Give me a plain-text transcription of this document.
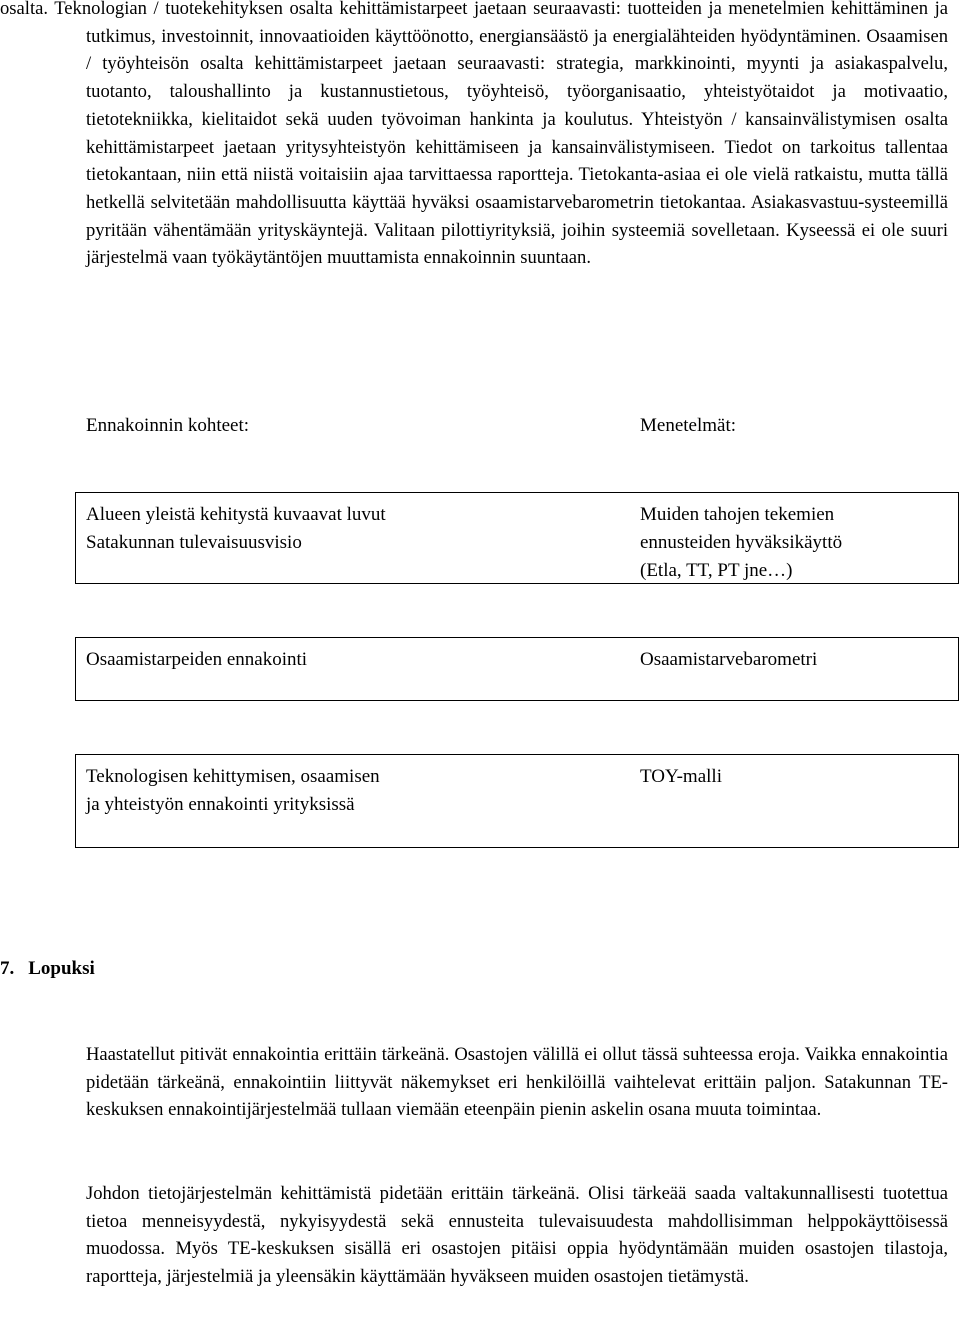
osalta. Teknologian / tuotekehityksen osalta kehittämistarpeet jaetaan seuraavasti: tuotteiden ja menetelmien kehittäminen ja tutkimus, investoinnit, innovaatioiden käyttöönotto, energiansäästö ja energialähteiden hyödyntäminen. Osaamisen / työyhteisön osalta kehittämistarpeet jaetaan seuraavasti: strategia, markkinointi, myynti ja asiakaspalvelu, tuotanto, taloushallinto ja kustannustietous, työyhteisö, työorganisaatio, yhteistyötaidot ja motivaatio, tietotekniikka, kielitaidot sekä uuden työvoiman hankinta ja koulutus. Yhteistyön / kansainvälistymisen osalta kehittämistarpeet jaetaan yritysyhteistyön kehittämiseen ja kansainvälistymiseen. Tiedot on tarkoitus tallentaa tietokantaan, niin että niistä voitaisiin ajaa tarvittaessa raportteja. Tietokanta-asiaa ei ole vielä ratkaistu, mutta tällä hetkellä selvitetään mahdollisuutta käyttää hyväksi osaamistarvebarometrin tietokantaa. Asiakasvastuu-systeemillä pyritään vähentämään yrityskäyntejä. Valitaan pilottiyrityksiä, joihin systeemiä sovelletaan. Kyseessä ei ole suuri järjestelmä vaan työkäytäntöjen muuttamista ennakoinnin suuntaan.

Ennakoinnin kohteet:	Menetelmät:
Alueen yleistä kehitystä kuvaavat luvut
Satakunnan tulevaisuusvisio
Muiden tahojen tekemien
ennusteiden hyväksikäyttö
(Etla, TT, PT jne…)
Osaamistarpeiden ennakointi	Osaamistarvebarometri
Teknologisen kehittymisen, osaamisen
ja yhteistyön ennakointi yrityksissä
TOY-malli
7. Lopuksi

Haastatellut pitivät ennakointia erittäin tärkeänä. Osastojen välillä ei ollut tässä suhteessa eroja. Vaikka ennakointia pidetään tärkeänä, ennakointiin liittyvät näkemykset eri henkilöillä vaihtelevat erittäin paljon. Satakunnan TE-keskuksen ennakointijärjestelmää tullaan viemään eteenpäin pienin askelin osana muuta toimintaa.

Johdon tietojärjestelmän kehittämistä pidetään erittäin tärkeänä. Olisi tärkeää saada valtakunnallisesti tuotettua tietoa menneisyydestä, nykyisyydestä sekä ennusteita tulevaisuudesta mahdollisimman helppokäyttöisessä muodossa. Myös TE-keskuksen sisällä eri osastojen pitäisi oppia hyödyntämään muiden osastojen tilastoja, raportteja, järjestelmiä ja yleensäkin käyttämään hyväkseen muiden osastojen tietämystä.
